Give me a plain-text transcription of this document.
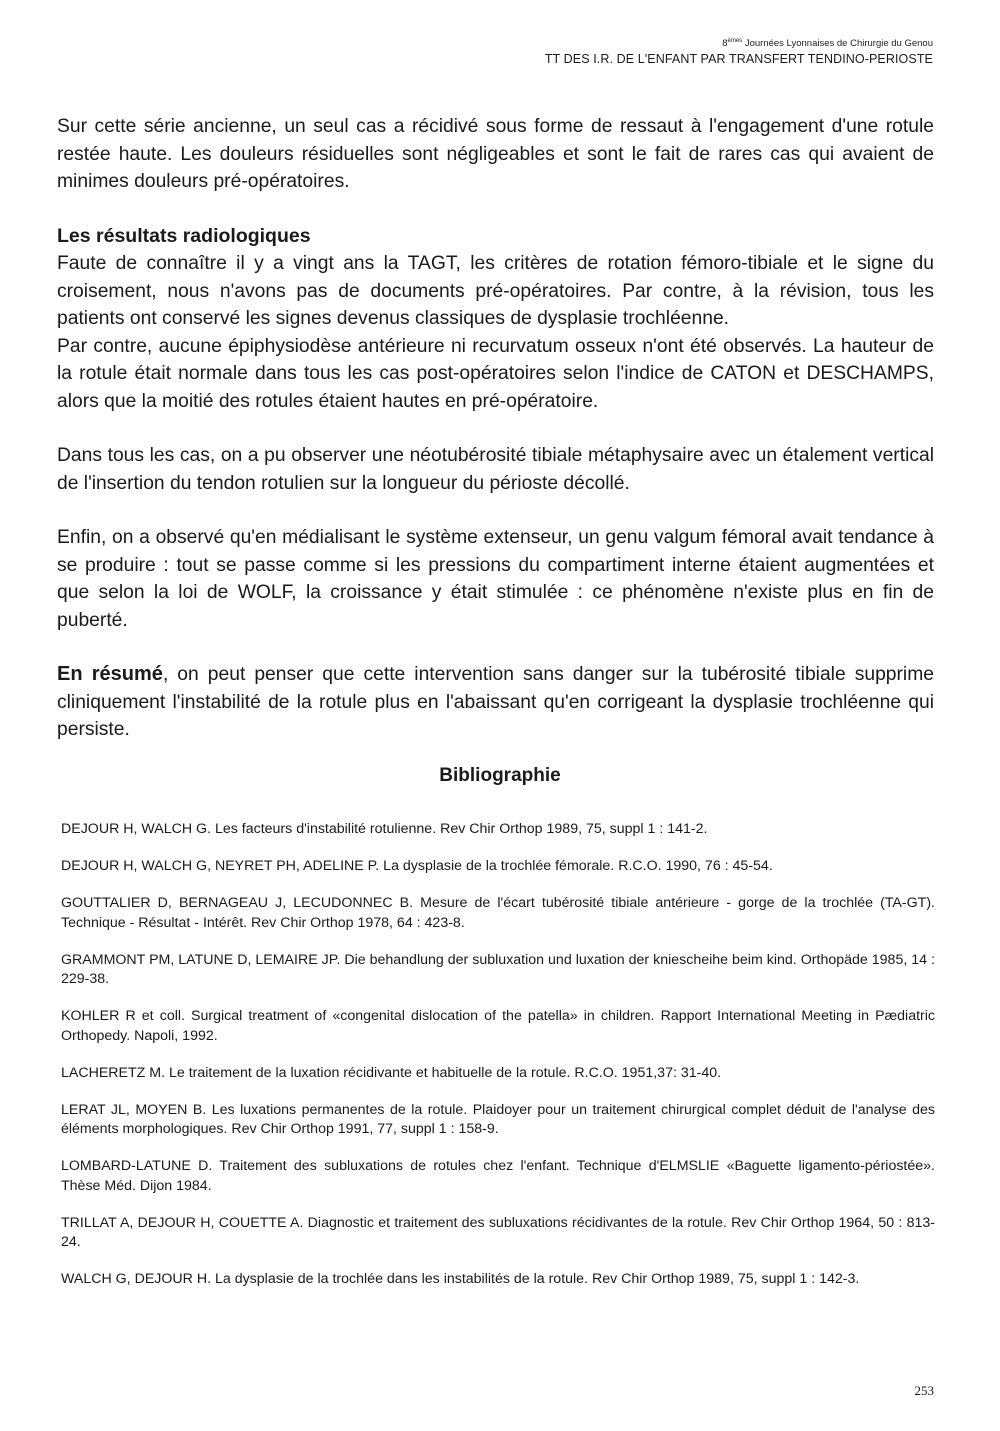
8èmes Journées Lyonnaises de Chirurgie du Genou
TT DES I.R. DE L'ENFANT PAR TRANSFERT TENDINO-PERIOSTE

Sur cette série ancienne, un seul cas a récidivé sous forme de ressaut à l'engagement d'une rotule restée haute. Les douleurs résiduelles sont négligeables et sont le fait de rares cas qui avaient de minimes douleurs pré-opératoires.

Les résultats radiologiques

Faute de connaître il y a vingt ans la TAGT, les critères de rotation fémoro-tibiale et le signe du croisement, nous n'avons pas de documents pré-opératoires. Par contre, à la révision, tous les patients ont conservé les signes devenus classiques de dysplasie trochléenne.

Par contre, aucune épiphysiodèse antérieure ni recurvatum osseux n'ont été observés. La hauteur de la rotule était normale dans tous les cas post-opératoires selon l'indice de CATON et DESCHAMPS, alors que la moitié des rotules étaient hautes en pré-opératoire.

Dans tous les cas, on a pu observer une néotubérosité tibiale métaphysaire avec un étalement vertical de l'insertion du tendon rotulien sur la longueur du périoste décollé.

Enfin, on a observé qu'en médialisant le système extenseur, un genu valgum fémoral avait tendance à se produire : tout se passe comme si les pressions du compartiment interne étaient augmentées et que selon la loi de WOLF, la croissance y était stimulée : ce phénomène n'existe plus en fin de puberté.

En résumé, on peut penser que cette intervention sans danger sur la tubérosité tibiale supprime cliniquement l'instabilité de la rotule plus en l'abaissant qu'en corrigeant la dysplasie trochléenne qui persiste.

Bibliographie
DEJOUR H, WALCH G. Les facteurs d'instabilité rotulienne. Rev Chir Orthop 1989, 75, suppl 1 : 141-2.
DEJOUR H, WALCH G, NEYRET PH, ADELINE P. La dysplasie de la trochlée fémorale. R.C.O. 1990, 76 : 45-54.
GOUTTALIER D, BERNAGEAU J, LECUDONNEC B. Mesure de l'écart tubérosité tibiale antérieure - gorge de la trochlée (TA-GT). Technique - Résultat - Intérêt. Rev Chir Orthop 1978, 64 : 423-8.
GRAMMONT PM, LATUNE D, LEMAIRE JP. Die behandlung der subluxation und luxation der kniescheihe beim kind. Orthopäde 1985, 14 : 229-38.
KOHLER R et coll. Surgical treatment of «congenital dislocation of the patella» in children. Rapport International Meeting in Pædiatric Orthopedy. Napoli, 1992.
LACHERETZ M. Le traitement de la luxation récidivante et habituelle de la rotule. R.C.O. 1951,37: 31-40.
LERAT JL, MOYEN B. Les luxations permanentes de la rotule. Plaidoyer pour un traitement chirurgical complet déduit de l'analyse des éléments morphologiques. Rev Chir Orthop 1991, 77, suppl 1 : 158-9.
LOMBARD-LATUNE D. Traitement des subluxations de rotules chez l'enfant. Technique d'ELMSLIE «Baguette ligamento-périostée». Thèse Méd. Dijon 1984.
TRILLAT A, DEJOUR H, COUETTE A. Diagnostic et traitement des subluxations récidivantes de la rotule. Rev Chir Orthop 1964, 50 : 813-24.
WALCH G, DEJOUR H. La dysplasie de la trochlée dans les instabilités de la rotule. Rev Chir Orthop 1989, 75, suppl 1 : 142-3.
253
